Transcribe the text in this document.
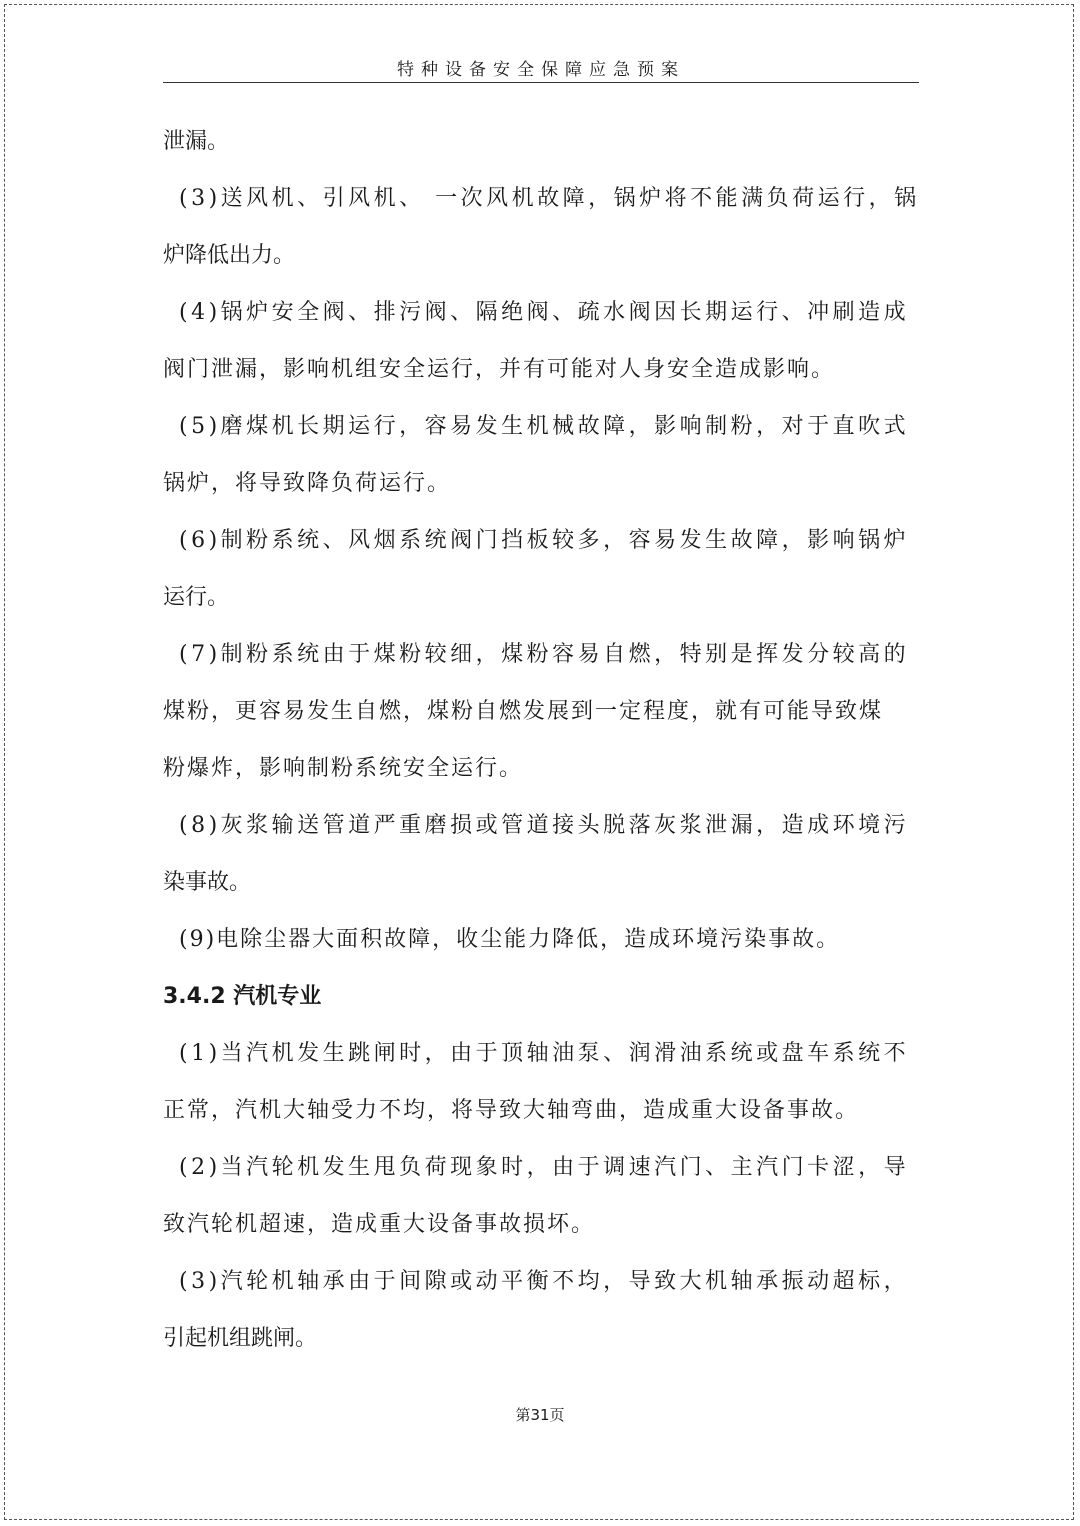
特种设备安全保障应急预案
泄漏。
(3)送风机、引风机、 一次风机故障，锅炉将不能满负荷运行，锅
炉降低出力。
(4)锅炉安全阀、排污阀、隔绝阀、疏水阀因长期运行、冲刷造成
阀门泄漏，影响机组安全运行，并有可能对人身安全造成影响。
(5)磨煤机长期运行，容易发生机械故障，影响制粉，对于直吹式
锅炉，将导致降负荷运行。
(6)制粉系统、风烟系统阀门挡板较多，容易发生故障，影响锅炉
运行。
(7)制粉系统由于煤粉较细，煤粉容易自燃，特别是挥发分较高的
煤粉，更容易发生自燃，煤粉自燃发展到一定程度，就有可能导致煤
粉爆炸，影响制粉系统安全运行。
(8)灰浆输送管道严重磨损或管道接头脱落灰浆泄漏，造成环境污
染事故。
(9)电除尘器大面积故障，收尘能力降低，造成环境污染事故。
3.4.2 汽机专业
(1)当汽机发生跳闸时，由于顶轴油泵、润滑油系统或盘车系统不
正常，汽机大轴受力不均，将导致大轴弯曲，造成重大设备事故。
(2)当汽轮机发生甩负荷现象时，由于调速汽门、主汽门卡涩，导
致汽轮机超速，造成重大设备事故损坏。
(3)汽轮机轴承由于间隙或动平衡不均，导致大机轴承振动超标，
引起机组跳闸。
第31页
